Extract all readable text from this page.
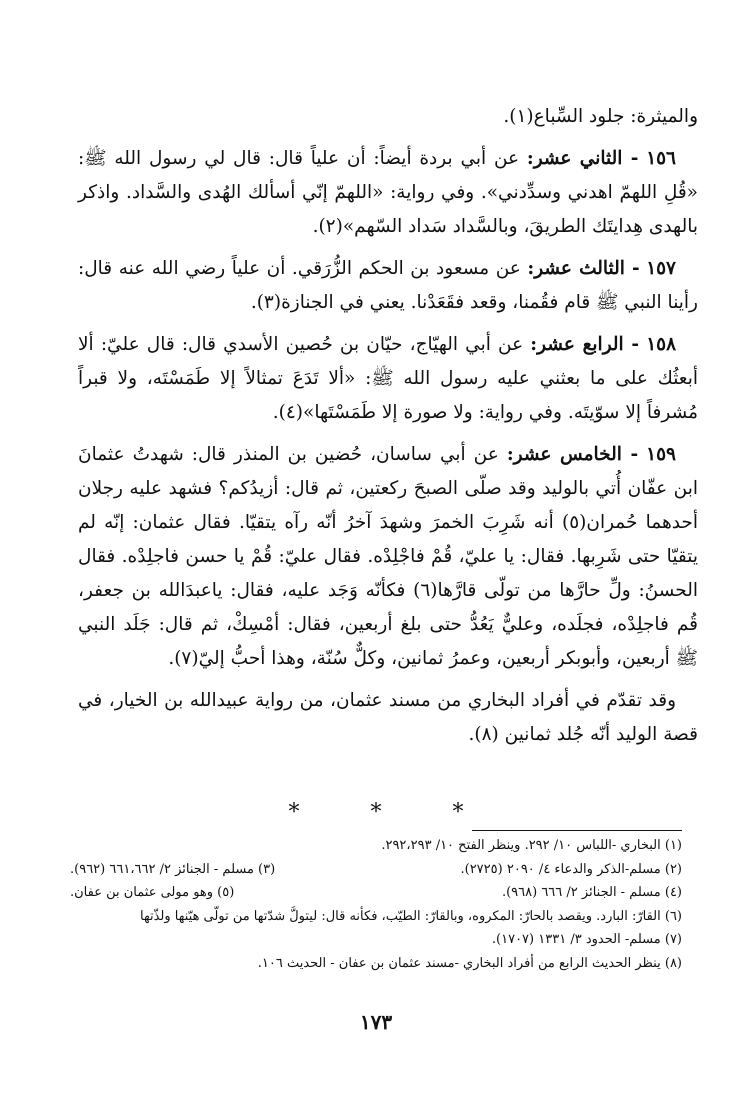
والميثرة: جلود السِّباع(١).

١٥٦ - الثاني عشر: عن أبي بردة أيضاً: أن علياً قال: قال لي رسول الله ﷺ: «قُلِ اللهمّ اهدني وسدِّدني». وفي رواية: «اللهمّ إنّي أسألك الهُدى والسَّداد. واذكر بالهدى هِدايتَك الطريقَ، وبالسَّداد سَداد السّهم»(٢).

١٥٧ - الثالث عشر: عن مسعود بن الحكم الزُّرَقي. أن علياً رضي الله عنه قال: رأينا النبي ﷺ قام فقُمنا، وقعد فقَعَدْنا. يعني في الجنازة(٣).

١٥٨ - الرابع عشر: عن أبي الهيّاج، حيّان بن حُصين الأسدي قال: قال عليّ: ألا أبعثُك على ما بعثني عليه رسول الله ﷺ: «ألا تَدَعَ تمثالاً إلا طَمَسْتَه، ولا قبراً مُشرفاً إلا سوّيتَه. وفي رواية: ولا صورة إلا طَمَسْتَها»(٤).

١٥٩ - الخامس عشر: عن أبي ساسان، حُضين بن المنذر قال: شهدتُ عثمانَ ابن عفّان أُتي بالوليد وقد صلّى الصبحَ ركعتين، ثم قال: أزيدُكم؟ فشهد عليه رجلان أحدهما حُمران(٥) أنه شَرِبَ الخمرَ وشهدَ آخرُ أنّه رآه يتقيّا. فقال عثمان: إنّه لم يتقيّا حتى شَرِبها. فقال: يا عليّ، قُمْ فاجْلِدْه. فقال عليّ: قُمْ يا حسن فاجلِدْه. فقال الحسنُ: ولِّ حارَّها من تولّى قارَّها(٦) فكأنّه وَجَد عليه، فقال: ياعبدَالله بن جعفر، قُم فاجلِدْه، فجلَده، وعليٌّ يَعُدُّ حتى بلغ أربعين، فقال: أمْسِكْ، ثم قال: جَلَد النبي ﷺ أربعين، وأبوبكر أربعين، وعمرُ ثمانين، وكلٌّ سُنّة، وهذا أحبُّ إليّ(٧).

وقد تقدّم في أفراد البخاري من مسند عثمان، من رواية عبيدالله بن الخيار، في قصة الوليد أنّه جُلد ثمانين (٨).

*	*	*
(١) البخاري -اللباس ١٠/ ٢٩٢. وينظر الفتح ١٠/ ٢٩٢،٢٩٣.
(٢) مسلم-الذكر والدعاء ٤/ ٢٠٩٠ (٢٧٢٥).
(٣) مسلم - الجنائز ٢/ ٦٦١،٦٦٢ (٩٦٢).
(٤) مسلم - الجنائز ٢/ ٦٦٦ (٩٦٨).
(٥) وهو مولى عثمان بن عفان.
(٦) القارّ: البارد. ويقصد بالحارّ: المكروه، وبالقارّ: الطيّب، فكأنه قال: ليتولَّ شدّتها من تولّى هيّنها ولذّتها
(٧) مسلم- الحدود ٣/ ١٣٣١ (١٧٠٧).
(٨) ينظر الحديث الرابع من أفراد البخاري -مسند عثمان بن عفان - الحديث ١٠٦.
١٧٣
